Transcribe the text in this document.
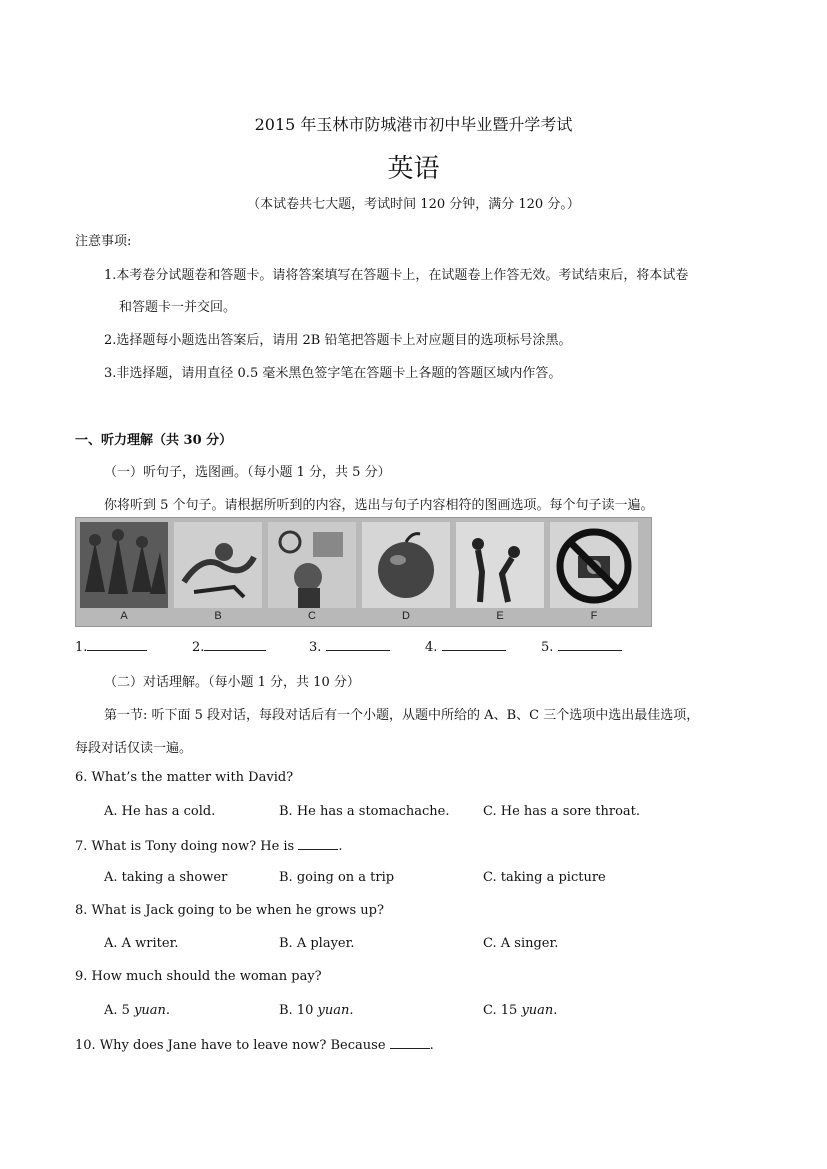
2015 年玉林市防城港市初中毕业暨升学考试
英语
（本试卷共七大题，考试时间 120 分钟，满分 120 分。）
注意事项:
1.本考卷分试题卷和答题卡。请将答案填写在答题卡上，在试题卷上作答无效。考试结束后，将本试卷
和答题卡一并交回。
2.选择题每小题选出答案后，请用 2B 铅笔把答题卡上对应题目的选项标号涂黑。
3.非选择题，请用直径 0.5 毫米黑色签字笔在答题卡上各题的答题区域内作答。
一、听力理解（共 30 分）
（一）听句子，选图画。（每小题 1 分，共 5 分）
你将听到 5 个句子。请根据所听到的内容，选出与句子内容相符的图画选项。每个句子读一遍。
A	B	C	D	E	F
1.	2.	3.	4.	5.
（二）对话理解。（每小题 1 分，共 10 分）
第一节: 听下面 5 段对话，每段对话后有一个小题，从题中所给的 A、B、C 三个选项中选出最佳选项，
每段对话仅读一遍。
6. What’s the matter with David?
A. He has a cold.	B. He has a stomachache.	C. He has a sore throat.
7. What is Tony doing now? He is	.
A. taking a shower	B. going on a trip	C. taking a picture
8. What is Jack going to be when he grows up?
A. A writer.	B. A player.	C. A singer.
9. How much should the woman pay?
A. 5 yuan.	B. 10 yuan.	C. 15 yuan.
10. Why does Jane have to leave now? Because	.
